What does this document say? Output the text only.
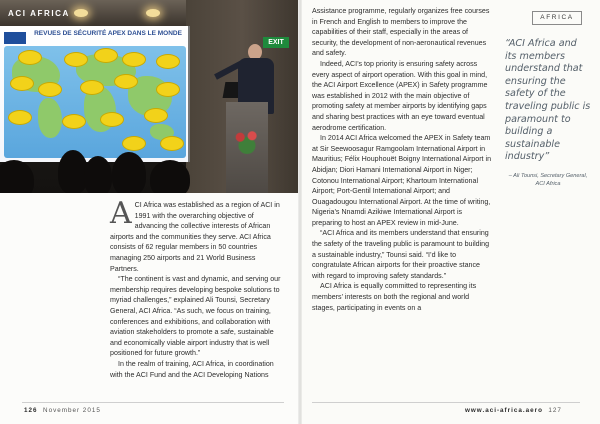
REVUES DE SÉCURITÉ APEX DANS LE MONDE
EXIT
ACI AFRICA

ACI Africa was established as a region of ACI in 1991 with the overarching objective of advancing the collective interests of African airports and the communities they serve. ACI Africa consists of 62 regular members in 50 countries managing 250 airports and 21 World Business Partners.

“The continent is vast and dynamic, and serving our membership requires developing bespoke solutions to myriad challenges,” explained Ali Tounsi, Secretary General, ACI Africa. “As such, we focus on training, conferences and exhibitions, and collaboration with aviation stakeholders to promote a safe, sustainable and economically viable airport industry that is well positioned for future growth.”

In the realm of training, ACI Africa, in coordination with the ACI Fund and the ACI Developing Nations

126 November 2015
AFRICA

Assistance programme, regularly organizes free courses in French and English to members to improve the capabilities of their staff, especially in the areas of security, the development of non-aeronautical revenues and safety.

Indeed, ACI’s top priority is ensuring safety across every aspect of airport operation. With this goal in mind, the ACI Airport Excellence (APEX) in Safety programme was established in 2012 with the main objective of promoting safety at member airports by identifying gaps and sharing best practices with an eye toward eventual aerodrome certification.

In 2014 ACI Africa welcomed the APEX in Safety team at Sir Seewoosagur Ramgoolam International Airport in Mauritius; Félix Houphouët Boigny International Airport in Abidjan; Diori Hamani International Airport in Niger; Cotonou International Airport; Khartoum International Airport; Port-Gentil International Airport; and Ouagadougou International Airport. At the time of writing, Nigeria’s Nnamdi Azikiwe International Airport is preparing to host an APEX review in mid-June.

“ACI Africa and its members understand that ensuring the safety of the traveling public is paramount to building a sustainable industry,” Tounsi said. “I’d like to congratulate African airports for their proactive stance with regard to improving safety standards.”

ACI Africa is equally committed to representing its members’ interests on both the regional and world stages, participating in events on a

“ACI Africa and its members understand that ensuring the safety of the traveling public is paramount to building a sustainable industry”
– Ali Tounsi, Secretary General, ACI Africa
www.aci-africa.aero 127
